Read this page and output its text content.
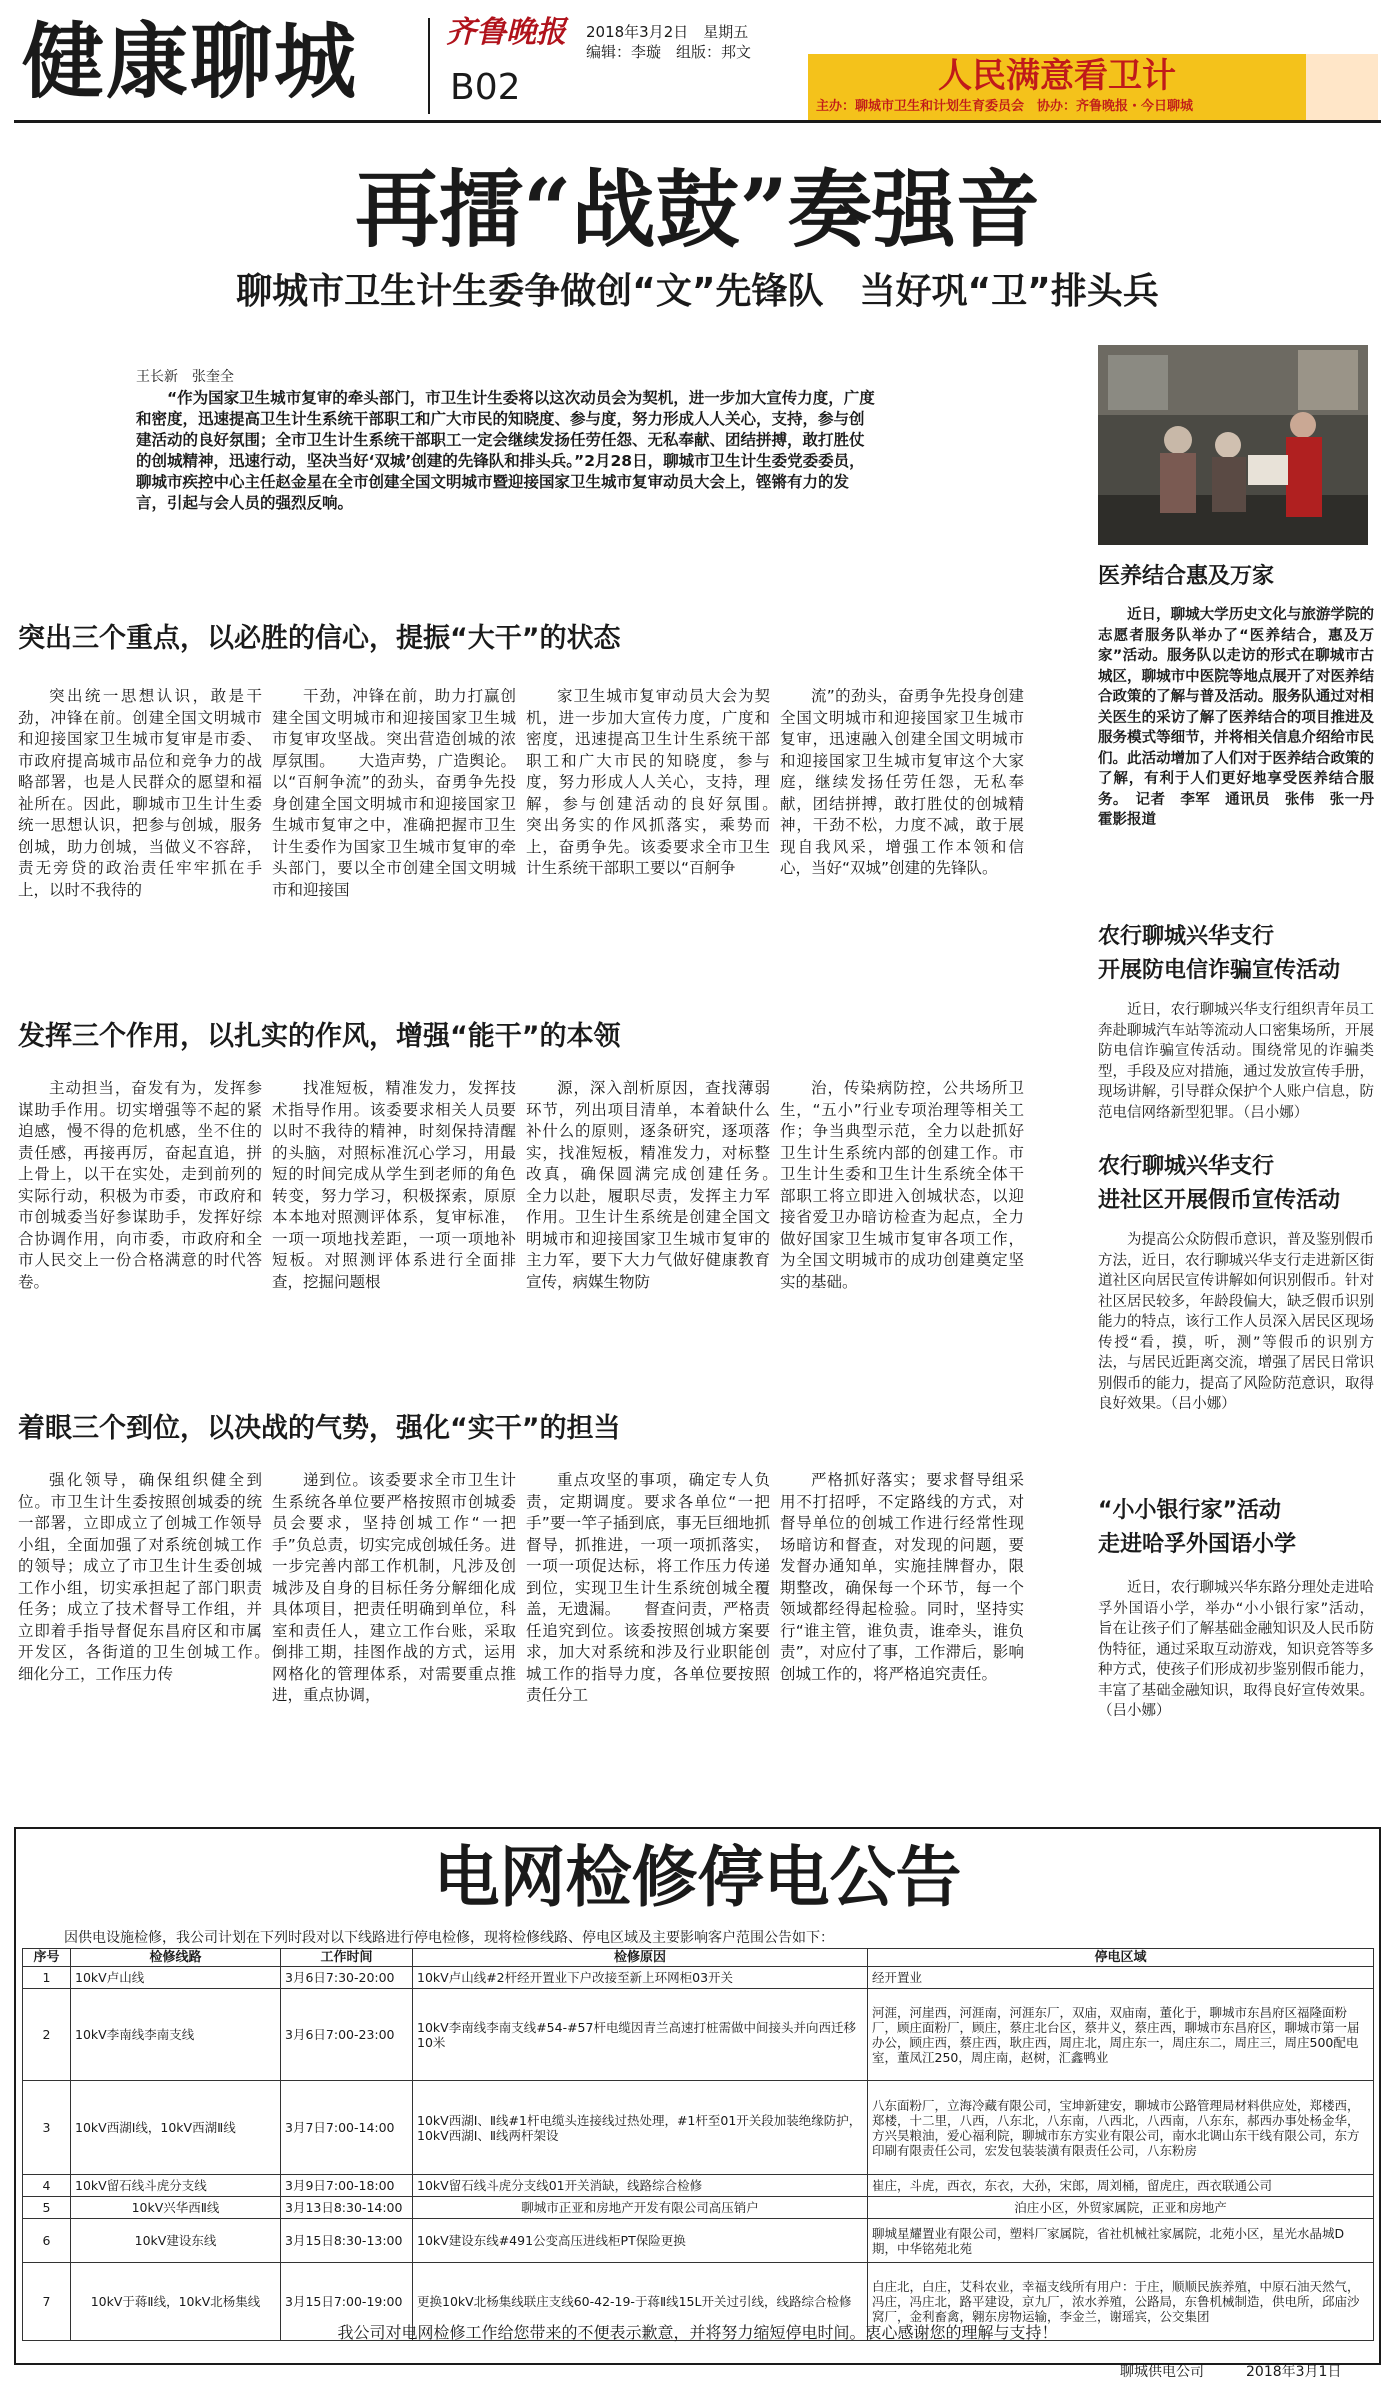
健康聊城	齐鲁晚报 2018年3月2日　星期五
编辑：李璇　组版：邦文
B02	人民满意看卫计
主办：聊城市卫生和计划生育委员会　协办：齐鲁晚报・今日聊城
再擂“战鼓”奏强音
聊城市卫生计生委争做创“文”先锋队　当好巩“卫”排头兵
王长新　张奎全

“作为国家卫生城市复审的牵头部门，市卫生计生委将以这次动员会为契机，进一步加大宣传力度，广度和密度，迅速提高卫生计生系统干部职工和广大市民的知晓度、参与度，努力形成人人关心，支持，参与创建活动的良好氛围；全市卫生计生系统干部职工一定会继续发扬任劳任怨、无私奉献、团结拼搏，敢打胜仗的创城精神，迅速行动，坚决当好‘双城’创建的先锋队和排头兵。”2月28日，聊城市卫生计生委党委委员，聊城市疾控中心主任赵金星在全市创建全国文明城市暨迎接国家卫生城市复审动员大会上，铿锵有力的发言，引起与会人员的强烈反响。

突出三个重点，以必胜的信心，提振“大干”的状态

突出统一思想认识，敢是干劲，冲锋在前。创建全国文明城市和迎接国家卫生城市复审是市委、市政府提高城市品位和竞争力的战略部署，也是人民群众的愿望和福祉所在。因此，聊城市卫生计生委统一思想认识，把参与创城，服务创城，助力创城，当做义不容辞，责无旁贷的政治责任牢牢抓在手上，以时不我待的

干劲，冲锋在前，助力打赢创建全国文明城市和迎接国家卫生城市复审攻坚战。突出营造创城的浓厚氛围。　　大造声势，广造舆论。以“百舸争流”的劲头，奋勇争先投身创建全国文明城市和迎接国家卫生城市复审之中，准确把握市卫生计生委作为国家卫生城市复审的牵头部门，要以全市创建全国文明城市和迎接国

家卫生城市复审动员大会为契机，进一步加大宣传力度，广度和密度，迅速提高卫生计生系统干部职工和广大市民的知晓度，参与度，努力形成人人关心，支持，理解，参与创建活动的良好氛围。　　突出务实的作风抓落实，乘势而上，奋勇争先。该委要求全市卫生计生系统干部职工要以“百舸争

流”的劲头，奋勇争先投身创建全国文明城市和迎接国家卫生城市复审，迅速融入创建全国文明城市和迎接国家卫生城市复审这个大家庭，继续发扬任劳任怨，无私奉献，团结拼搏，敢打胜仗的创城精神，干劲不松，力度不减，敢于展现自我风采，增强工作本领和信心，当好“双城”创建的先锋队。

发挥三个作用，以扎实的作风，增强“能干”的本领

主动担当，奋发有为，发挥参谋助手作用。切实增强等不起的紧迫感，慢不得的危机感，坐不住的责任感，再接再厉，奋起直追，拼上骨上，以干在实处，走到前列的实际行动，积极为市委，市政府和市创城委当好参谋助手，发挥好综合协调作用，向市委，市政府和全市人民交上一份合格满意的时代答卷。

找准短板，精准发力，发挥技术指导作用。该委要求相关人员要以时不我待的精神，时刻保持清醒的头脑，对照标准沉心学习，用最短的时间完成从学生到老师的角色转变，努力学习，积极探索，原原本本地对照测评体系，复审标准，一项一项地找差距，一项一项地补短板。对照测评体系进行全面排查，挖掘问题根

源，深入剖析原因，查找薄弱环节，列出项目清单，本着缺什么补什么的原则，逐条研究，逐项落实，找准短板，精准发力，对标整改真，确保圆满完成创建任务。　　全力以赴，履职尽责，发挥主力军作用。卫生计生系统是创建全国文明城市和迎接国家卫生城市复审的主力军，要下大力气做好健康教育宣传，病媒生物防

治，传染病防控，公共场所卫生，“五小”行业专项治理等相关工作；争当典型示范，全力以赴抓好卫生计生系统内部的创建工作。市卫生计生委和卫生计生系统全体干部职工将立即进入创城状态，以迎接省爱卫办暗访检查为起点，全力做好国家卫生城市复审各项工作，为全国文明城市的成功创建奠定坚实的基础。

着眼三个到位，以决战的气势，强化“实干”的担当

强化领导，确保组织健全到位。市卫生计生委按照创城委的统一部署，立即成立了创城工作领导小组，全面加强了对系统创城工作的领导；成立了市卫生计生委创城工作小组，切实承担起了部门职责任务；成立了技术督导工作组，并立即着手指导督促东昌府区和市属开发区，各街道的卫生创城工作。　　细化分工，工作压力传

递到位。该委要求全市卫生计生系统各单位要严格按照市创城委员会要求，坚持创城工作“一把手”负总责，切实完成创城任务。进一步完善内部工作机制，凡涉及创城涉及自身的目标任务分解细化成具体项目，把责任明确到单位，科室和责任人，建立工作台账，采取倒排工期，挂图作战的方式，运用网格化的管理体系，对需要重点推进，重点协调，

重点攻坚的事项，确定专人负责，定期调度。要求各单位“一把手”要一竿子插到底，事无巨细地抓督导，抓推进，一项一项抓落实，一项一项促达标，将工作压力传递到位，实现卫生计生系统创城全覆盖，无遗漏。　　督查问责，严格责任追究到位。该委按照创城方案要求，加大对系统和涉及行业职能创城工作的指导力度，各单位要按照责任分工

严格抓好落实；要求督导组采用不打招呼，不定路线的方式，对督导单位的创城工作进行经常性现场暗访和督查，对发现的问题，要发督办通知单，实施挂牌督办，限期整改，确保每一个环节，每一个领域都经得起检验。同时，坚持实行“谁主管，谁负责，谁牵头，谁负责”，对应付了事，工作滞后，影响创城工作的，将严格追究责任。

医养结合惠及万家

近日，聊城大学历史文化与旅游学院的志愿者服务队举办了“医养结合，惠及万家”活动。服务队以走访的形式在聊城市古城区，聊城市中医院等地点展开了对医养结合政策的了解与普及活动。服务队通过对相关医生的采访了解了医养结合的项目推进及服务模式等细节，并将相关信息介绍给市民们。此活动增加了人们对于医养结合政策的了解，有利于人们更好地享受医养结合服务。　记者　李军　通讯员　张伟　张一丹　霍影报道

农行聊城兴华支行
开展防电信诈骗宣传活动

近日，农行聊城兴华支行组织青年员工奔赴聊城汽车站等流动人口密集场所，开展防电信诈骗宣传活动。围绕常见的诈骗类型，手段及应对措施，通过发放宣传手册，现场讲解，引导群众保护个人账户信息，防范电信网络新型犯罪。（吕小娜）

农行聊城兴华支行
进社区开展假币宣传活动

为提高公众防假币意识，普及鉴别假币方法，近日，农行聊城兴华支行走进新区街道社区向居民宣传讲解如何识别假币。针对社区居民较多，年龄段偏大，缺乏假币识别能力的特点，该行工作人员深入居民区现场传授“看，摸，听，测”等假币的识别方法，与居民近距离交流，增强了居民日常识别假币的能力，提高了风险防范意识，取得良好效果。（吕小娜）

“小小银行家”活动
走进哈孚外国语小学

近日，农行聊城兴华东路分理处走进哈孚外国语小学，举办“小小银行家”活动，旨在让孩子们了解基础金融知识及人民币防伪特征，通过采取互动游戏，知识竞答等多种方式，使孩子们形成初步鉴别假币能力，丰富了基础金融知识，取得良好宣传效果。（吕小娜）

电网检修停电公告
因供电设施检修，我公司计划在下列时段对以下线路进行停电检修，现将检修线路、停电区域及主要影响客户范围公告如下：
序号	检修线路	工作时间	检修原因	停电区域
1	10kV卢山线	3月6日7:30-20:00	10kV卢山线#2杆经开置业下户改接至新上环网柜03开关	经开置业
2	10kV李南线李南支线	3月6日7:00-23:00	10kV李南线李南支线#54-#57杆电缆因青兰高速打桩需做中间接头并向西迁移10米	河涯，河崖西，河涯南，河涯东厂，双庙，双庙南，董化于，聊城市东昌府区福隆面粉厂，顾庄面粉厂，顾庄，蔡庄北台区，蔡井义，蔡庄西，聊城市东昌府区，聊城市第一届办公，顾庄西，蔡庄西，耿庄西，周庄北，周庄东一，周庄东二，周庄三，周庄500配电室，董凤江250，周庄南，赵树，汇鑫鸭业
3	10kV西湖Ⅰ线，10kV西湖Ⅱ线	3月7日7:00-14:00	10kV西湖Ⅰ、Ⅱ线#1杆电缆头连接线过热处理，#1杆至01开关段加装绝缘防护，10kV西湖Ⅰ、Ⅱ线两杆架设	八东面粉厂，立海冷藏有限公司，宝坤新建安，聊城市公路管理局材料供应处，郑楼西，郑楼，十二里，八西，八东北，八东南，八西北，八西南，八东东，郝西办事处杨金华，方兴昊粮油，爱心福利院，聊城市东方实业有限公司，南水北调山东干线有限公司，东方印刷有限责任公司，宏发包装装潢有限责任公司，八东粉房
4	10kV留石线斗虎分支线	3月9日7:00-18:00	10kV留石线斗虎分支线01开关消缺，线路综合检修	崔庄，斗虎，西衣，东衣，大孙，宋郎，周刘桶，留虎庄，西衣联通公司
5	10kV兴华西Ⅱ线	3月13日8:30-14:00	聊城市正亚和房地产开发有限公司高压销户	泊庄小区，外贸家属院，正亚和房地产
6	10kV建设东线	3月15日8:30-13:00	10kV建设东线#491公变高压进线柜PT保险更换	聊城星耀置业有限公司，塑料厂家属院，省社机械社家属院，北苑小区，星光水晶城D期，中华铭苑北苑
7	10kV于蒋Ⅱ线，10kV北杨集线	3月15日7:00-19:00	更换10kV北杨集线联庄支线60-42-19-于蒋Ⅱ线15L开关过引线，线路综合检修	白庄北，白庄，艾科农业，幸福支线所有用户：于庄，顺顺民族养殖，中原石油天然气，冯庄，冯庄北，路平建设，京九厂，浓水养殖，公路局，东鲁机械制造，供电所，邱庙沙窝厂，金利畜禽，翱东房物运输，李金兰，谢瑶宾，公交集团
我公司对电网检修工作给您带来的不便表示歉意，并将努力缩短停电时间。衷心感谢您的理解与支持！
聊城供电公司	2018年3月1日
